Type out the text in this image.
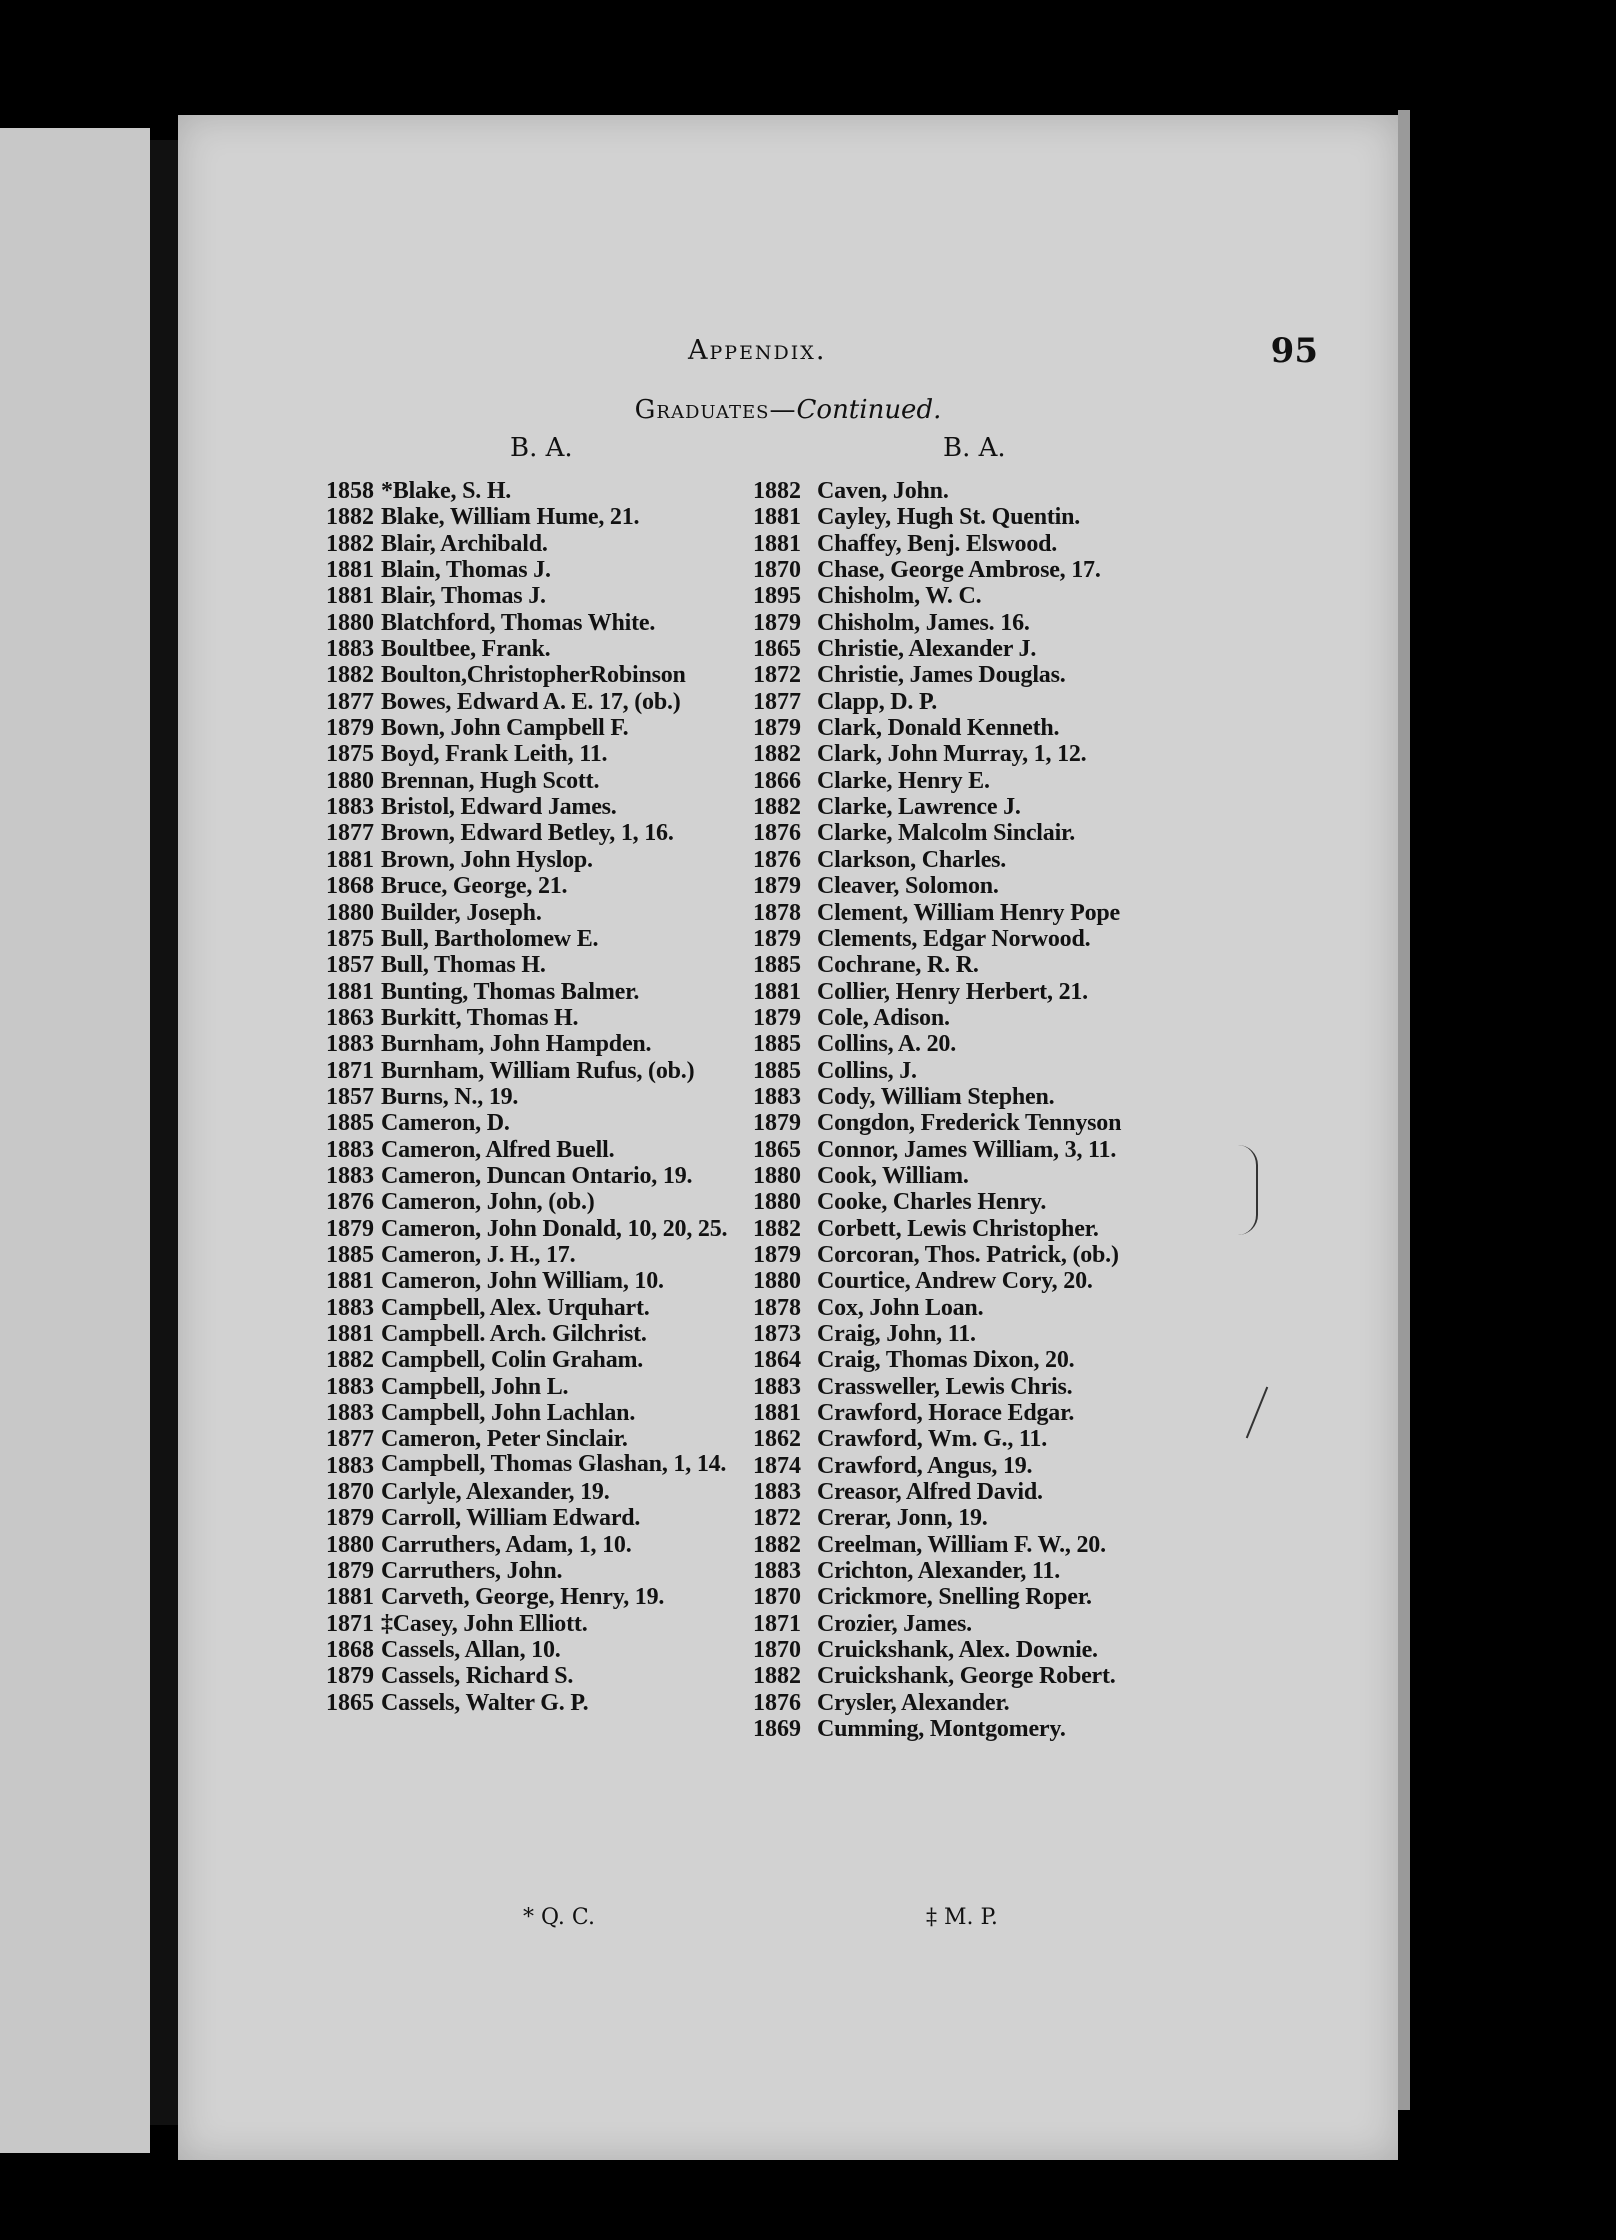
Appendix.	95
Graduates—Continued.
B. A.	B. A.
1858 *Blake, S. H.
1882 Blake, William Hume, 21.
1882 Blair, Archibald.
1881 Blain, Thomas J.
1881 Blair, Thomas J.
1880 Blatchford, Thomas White.
1883 Boultbee, Frank.
1882 Boulton,ChristopherRobinson
1877 Bowes, Edward A. E. 17, (ob.)
1879 Bown, John Campbell F.
1875 Boyd, Frank Leith, 11.
1880 Brennan, Hugh Scott.
1883 Bristol, Edward James.
1877 Brown, Edward Betley, 1, 16.
1881 Brown, John Hyslop.
1868 Bruce, George, 21.
1880 Builder, Joseph.
1875 Bull, Bartholomew E.
1857 Bull, Thomas H.
1881 Bunting, Thomas Balmer.
1863 Burkitt, Thomas H.
1883 Burnham, John Hampden.
1871 Burnham, William Rufus, (ob.)
1857 Burns, N., 19.
1885 Cameron, D.
1883 Cameron, Alfred Buell.
1883 Cameron, Duncan Ontario, 19.
1876 Cameron, John, (ob.)
1879 Cameron, John Donald, 10, 20, 25.
1885 Cameron, J. H., 17.
1881 Cameron, John William, 10.
1883 Campbell, Alex. Urquhart.
1881 Campbell. Arch. Gilchrist.
1882 Campbell, Colin Graham.
1883 Campbell, John L.
1883 Campbell, John Lachlan.
1877 Cameron, Peter Sinclair.
1883 Campbell, Thomas Glashan, 1, 14.
1870 Carlyle, Alexander, 19.
1879 Carroll, William Edward.
1880 Carruthers, Adam, 1, 10.
1879 Carruthers, John.
1881 Carveth, George, Henry, 19.
1871 ‡Casey, John Elliott.
1868 Cassels, Allan, 10.
1879 Cassels, Richard S.
1865 Cassels, Walter G. P.
1882 Caven, John.
1881 Cayley, Hugh St. Quentin.
1881 Chaffey, Benj. Elswood.
1870 Chase, George Ambrose, 17.
1895 Chisholm, W. C.
1879 Chisholm, James. 16.
1865 Christie, Alexander J.
1872 Christie, James Douglas.
1877 Clapp, D. P.
1879 Clark, Donald Kenneth.
1882 Clark, John Murray, 1, 12.
1866 Clarke, Henry E.
1882 Clarke, Lawrence J.
1876 Clarke, Malcolm Sinclair.
1876 Clarkson, Charles.
1879 Cleaver, Solomon.
1878 Clement, William Henry Pope
1879 Clements, Edgar Norwood.
1885 Cochrane, R. R.
1881 Collier, Henry Herbert, 21.
1879 Cole, Adison.
1885 Collins, A. 20.
1885 Collins, J.
1883 Cody, William Stephen.
1879 Congdon, Frederick Tennyson
1865 Connor, James William, 3, 11.
1880 Cook, William.
1880 Cooke, Charles Henry.
1882 Corbett, Lewis Christopher.
1879 Corcoran, Thos. Patrick, (ob.)
1880 Courtice, Andrew Cory, 20.
1878 Cox, John Loan.
1873 Craig, John, 11.
1864 Craig, Thomas Dixon, 20.
1883 Crassweller, Lewis Chris.
1881 Crawford, Horace Edgar.
1862 Crawford, Wm. G., 11.
1874 Crawford, Angus, 19.
1883 Creasor, Alfred David.
1872 Crerar, Jonn, 19.
1882 Creelman, William F. W., 20.
1883 Crichton, Alexander, 11.
1870 Crickmore, Snelling Roper.
1871 Crozier, James.
1870 Cruickshank, Alex. Downie.
1882 Cruickshank, George Robert.
1876 Crysler, Alexander.
1869 Cumming, Montgomery.
* Q. C.	‡ M. P.
